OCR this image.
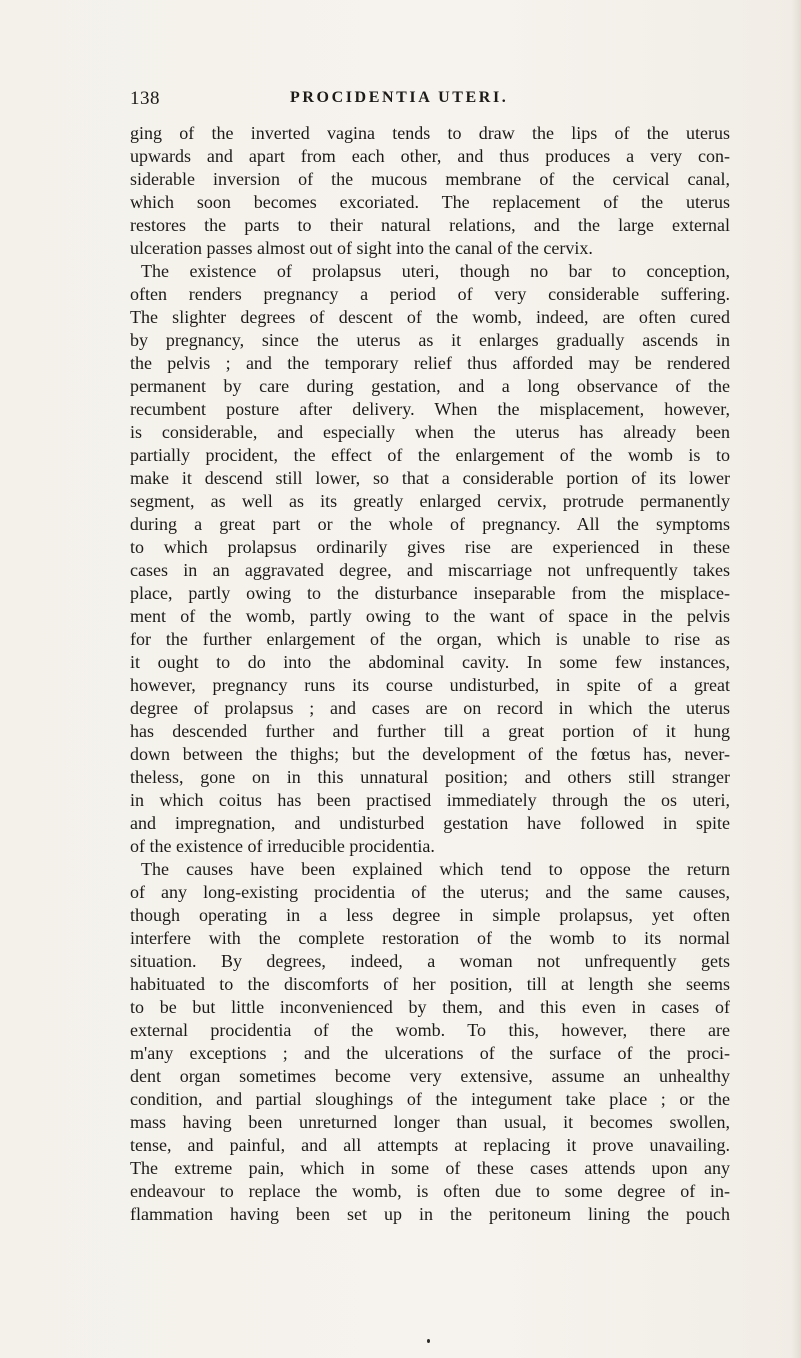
138	PROCIDENTIA UTERI.
ging of the inverted vagina tends to draw the lips of the uterus
upwards and apart from each other, and thus produces a very con-
siderable inversion of the mucous membrane of the cervical canal,
which soon becomes excoriated. The replacement of the uterus
restores the parts to their natural relations, and the large external
ulceration passes almost out of sight into the canal of the cervix.
The existence of prolapsus uteri, though no bar to conception,
often renders pregnancy a period of very considerable suffering.
The slighter degrees of descent of the womb, indeed, are often cured
by pregnancy, since the uterus as it enlarges gradually ascends in
the pelvis ; and the temporary relief thus afforded may be rendered
permanent by care during gestation, and a long observance of the
recumbent posture after delivery. When the misplacement, however,
is considerable, and especially when the uterus has already been
partially procident, the effect of the enlargement of the womb is to
make it descend still lower, so that a considerable portion of its lower
segment, as well as its greatly enlarged cervix, protrude permanently
during a great part or the whole of pregnancy. All the symptoms
to which prolapsus ordinarily gives rise are experienced in these
cases in an aggravated degree, and miscarriage not unfrequently takes
place, partly owing to the disturbance inseparable from the misplace-
ment of the womb, partly owing to the want of space in the pelvis
for the further enlargement of the organ, which is unable to rise as
it ought to do into the abdominal cavity. In some few instances,
however, pregnancy runs its course undisturbed, in spite of a great
degree of prolapsus ; and cases are on record in which the uterus
has descended further and further till a great portion of it hung
down between the thighs; but the development of the fœtus has, never-
theless, gone on in this unnatural position; and others still stranger
in which coitus has been practised immediately through the os uteri,
and impregnation, and undisturbed gestation have followed in spite
of the existence of irreducible procidentia.
The causes have been explained which tend to oppose the return
of any long-existing procidentia of the uterus; and the same causes,
though operating in a less degree in simple prolapsus, yet often
interfere with the complete restoration of the womb to its normal
situation. By degrees, indeed, a woman not unfrequently gets
habituated to the discomforts of her position, till at length she seems
to be but little inconvenienced by them, and this even in cases of
external procidentia of the womb. To this, however, there are
m'any exceptions ; and the ulcerations of the surface of the proci-
dent organ sometimes become very extensive, assume an unhealthy
condition, and partial sloughings of the integument take place ; or the
mass having been unreturned longer than usual, it becomes swollen,
tense, and painful, and all attempts at replacing it prove unavailing.
The extreme pain, which in some of these cases attends upon any
endeavour to replace the womb, is often due to some degree of in-
flammation having been set up in the peritoneum lining the pouch
